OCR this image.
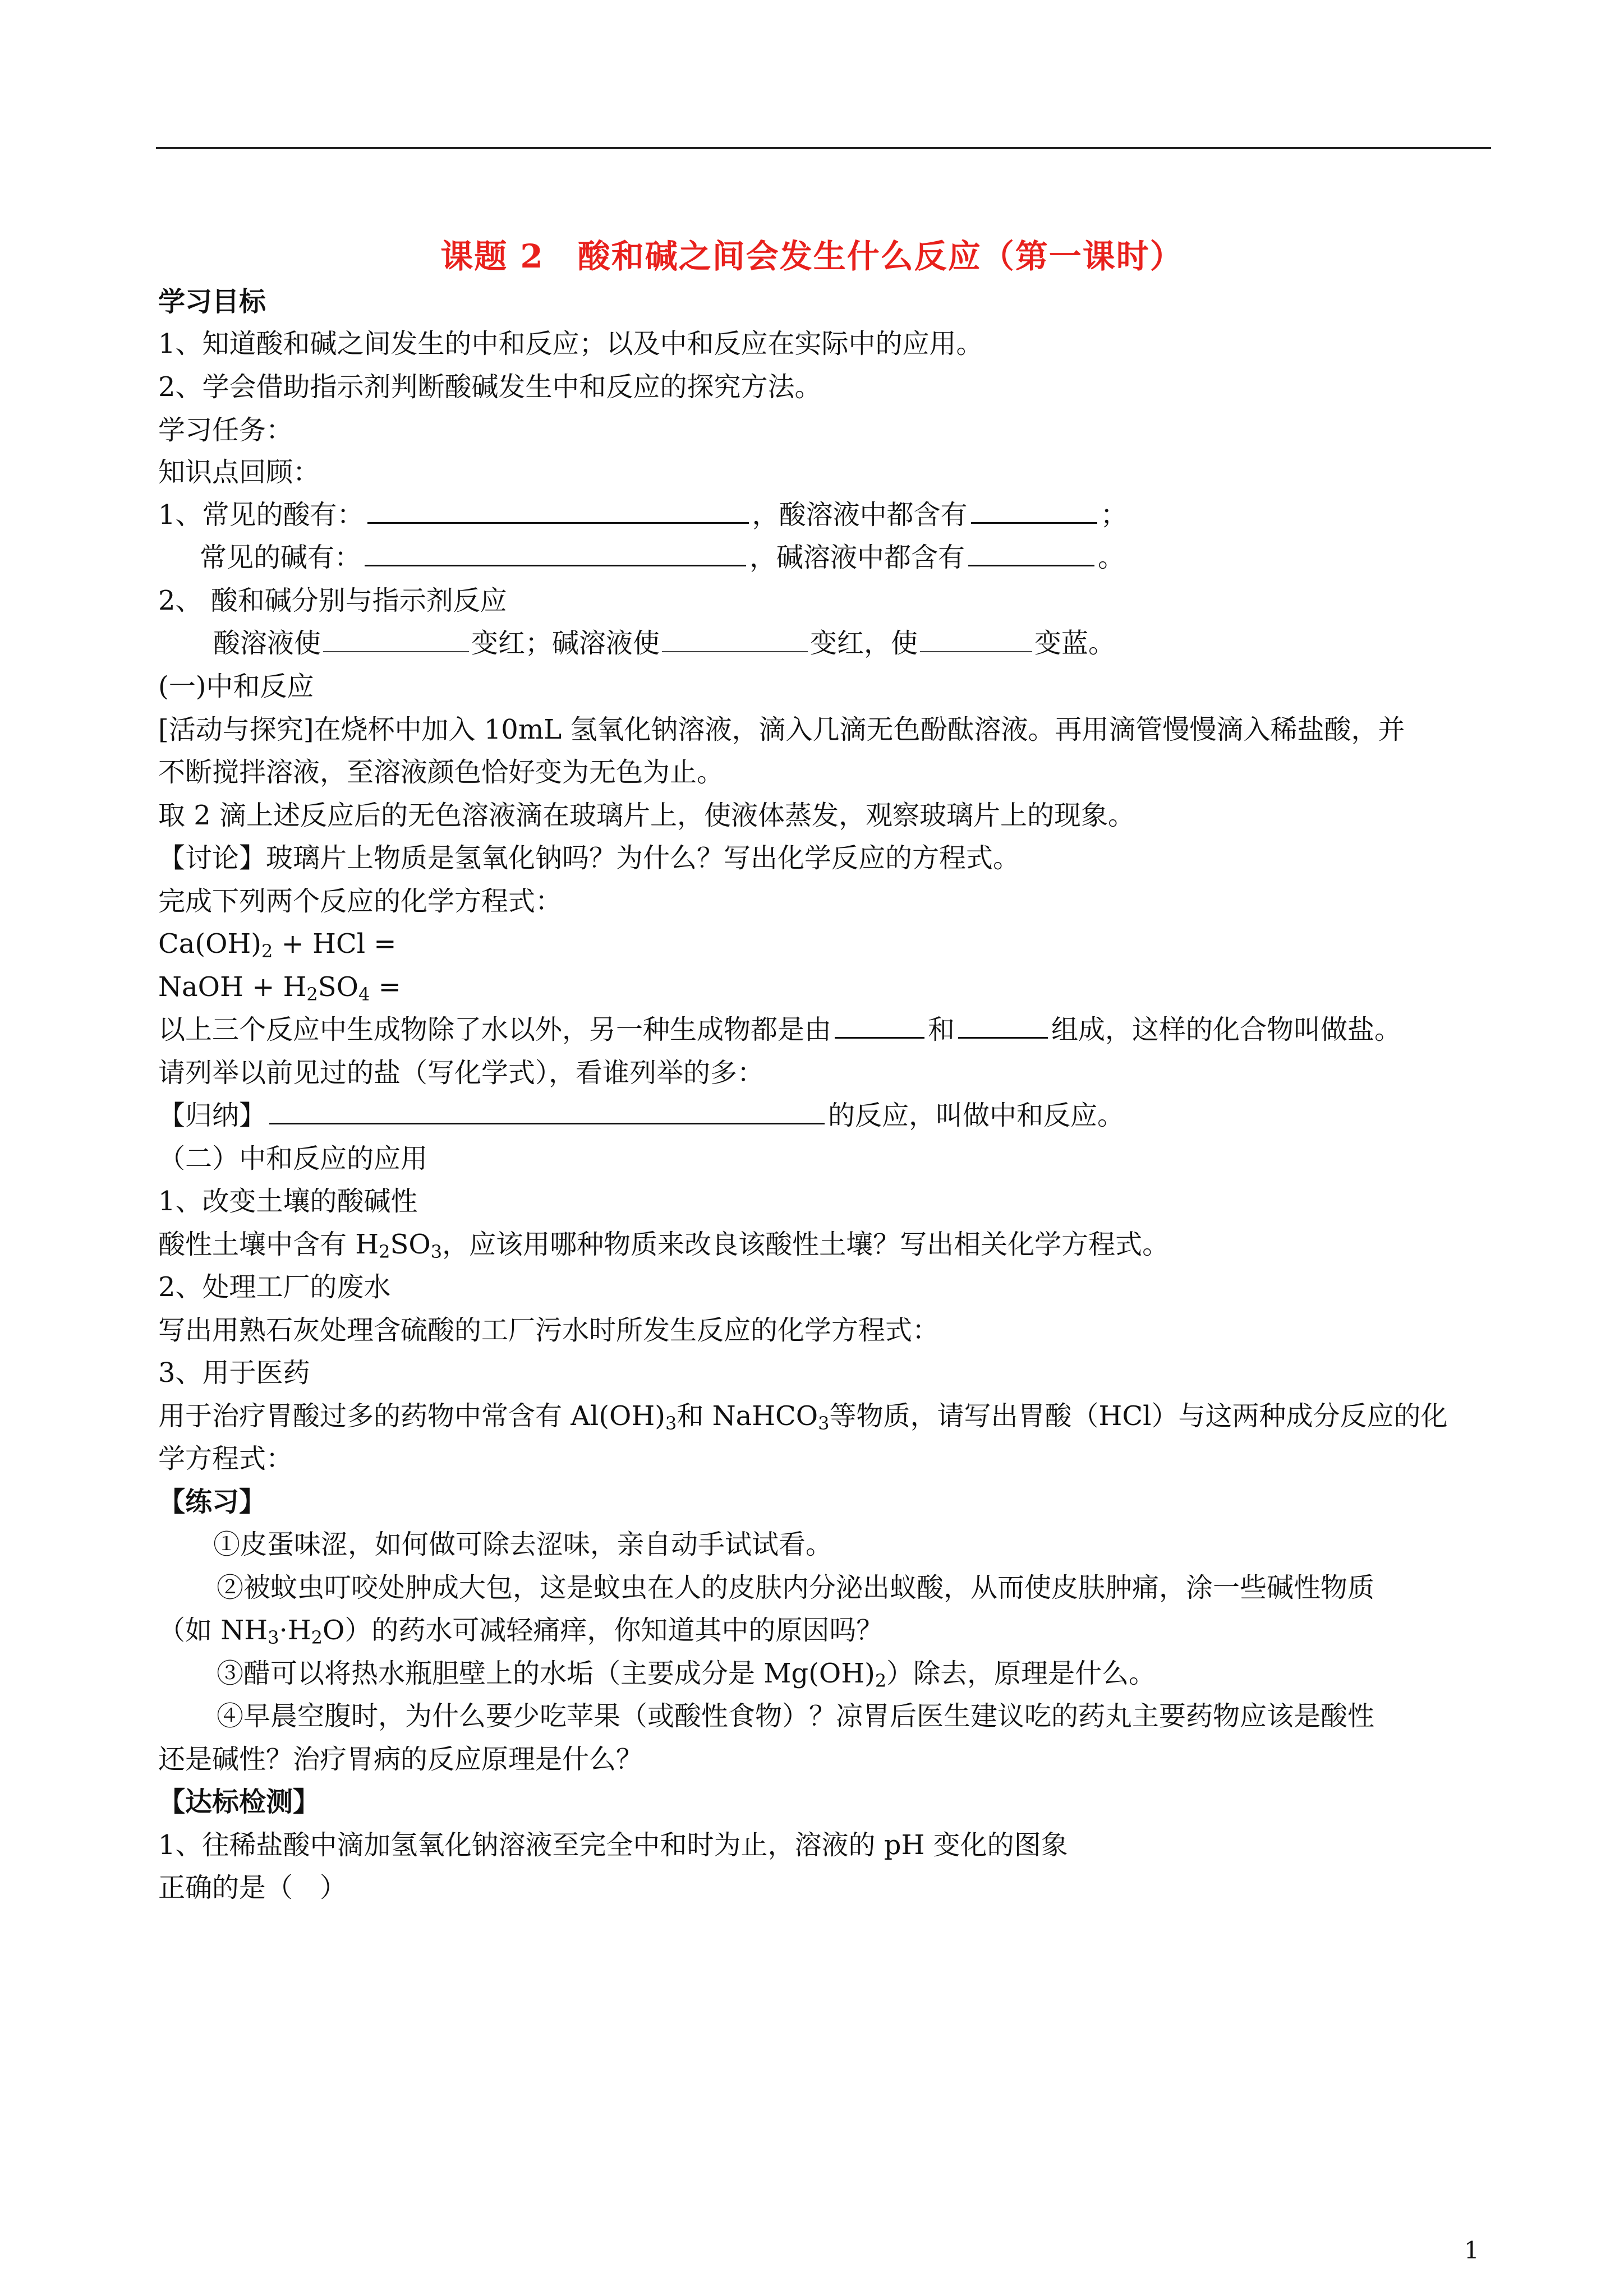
课题 2　酸和碱之间会发生什么反应（第一课时）
学习目标
1、知道酸和碱之间发生的中和反应；以及中和反应在实际中的应用。
2、学会借助指示剂判断酸碱发生中和反应的探究方法。
学习任务：
知识点回顾：
1、常见的酸有：	，酸溶液中都含有	；
常见的碱有：	，碱溶液中都含有	。
2、 酸和碱分别与指示剂反应
酸溶液使	变红；碱溶液使	变红，使	变蓝。
(一)中和反应
[活动与探究]在烧杯中加入 10mL 氢氧化钠溶液，滴入几滴无色酚酞溶液。再用滴管慢慢滴入稀盐酸，并
不断搅拌溶液，至溶液颜色恰好变为无色为止。
取 2 滴上述反应后的无色溶液滴在玻璃片上，使液体蒸发，观察玻璃片上的现象。
【讨论】玻璃片上物质是氢氧化钠吗？为什么？写出化学反应的方程式。
完成下列两个反应的化学方程式：
$Ca(OH)_2$ + HCl =
NaOH + $H_2SO_4$ =
以上三个反应中生成物除了水以外，另一种生成物都是由	和	组成，这样的化合物叫做盐。
请列举以前见过的盐（写化学式），看谁列举的多：
【归纳】	的反应，叫做中和反应。
（二）中和反应的应用
1、改变土壤的酸碱性
酸性土壤中含有 $H_2SO_3$，应该用哪种物质来改良该酸性土壤？写出相关化学方程式。
2、处理工厂的废水
写出用熟石灰处理含硫酸的工厂污水时所发生反应的化学方程式：
3、用于医药
用于治疗胃酸过多的药物中常含有 $Al(OH)_3$和 NaHCO$_3$等物质，请写出胃酸（HCl）与这两种成分反应的化
学方程式：
【练习】
①皮蛋味涩，如何做可除去涩味，亲自动手试试看。
②被蚊虫叮咬处肿成大包，这是蚊虫在人的皮肤内分泌出蚁酸，从而使皮肤肿痛，涂一些碱性物质
（如 $NH_3\cdot H_2O$）的药水可减轻痛痒，你知道其中的原因吗？
③醋可以将热水瓶胆壁上的水垢（主要成分是 $Mg(OH)_2$）除去，原理是什么。
④早晨空腹时，为什么要少吃苹果（或酸性食物）？凉胃后医生建议吃的药丸主要药物应该是酸性
还是碱性？治疗胃病的反应原理是什么？
【达标检测】
1、往稀盐酸中滴加氢氧化钠溶液至完全中和时为止，溶液的 pH 变化的图象
正确的是（　）
1
